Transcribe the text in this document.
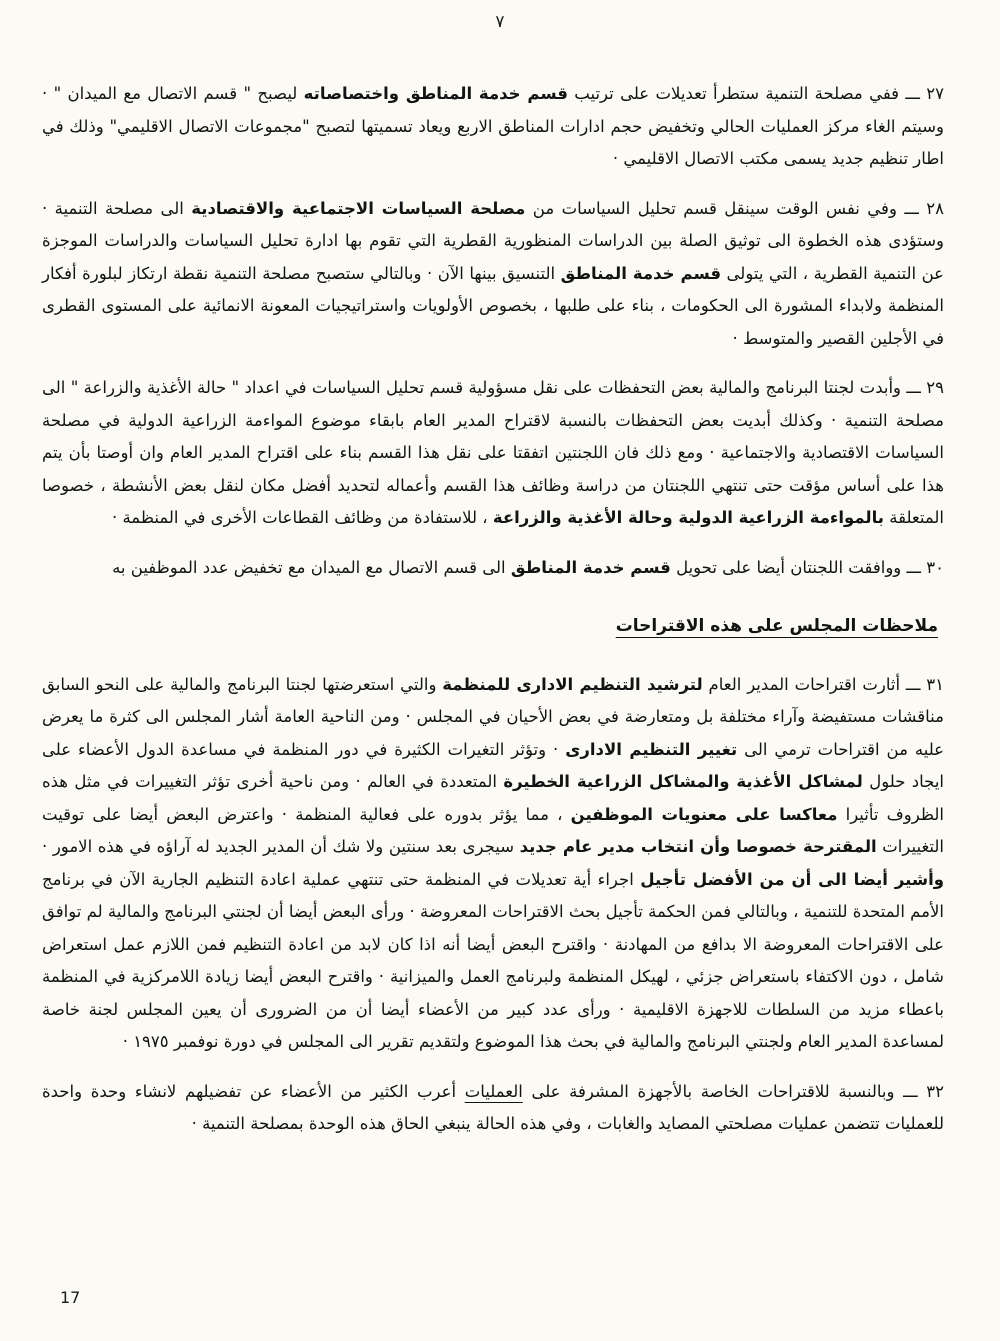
٧

٢٧ ـــ ففي مصلحة التنمية ستطرأ تعديلات على ترتيب قسم خدمة المناطق واختصاصاته ليصبح " قسم الاتصال مع الميدان " · وسيتم الغاء مركز العمليات الحالي وتخفيض حجم ادارات المناطق الاربع ويعاد تسميتها لتصبح "مجموعات الاتصال الاقليمي" وذلك في اطار تنظيم جديد يسمى مكتب الاتصال الاقليمي ·

٢٨ ـــ وفي نفس الوقت سينقل قسم تحليل السياسات من مصلحة السياسات الاجتماعية والاقتصادية الى مصلحة التنمية · وستؤدى هذه الخطوة الى توثيق الصلة بين الدراسات المنظورية القطرية التي تقوم بها ادارة تحليل السياسات والدراسات الموجزة عن التنمية القطرية ، التي يتولى قسم خدمة المناطق التنسيق بينها الآن · وبالتالي ستصبح مصلحة التنمية نقطة ارتكاز لبلورة أفكار المنظمة ولابداء المشورة الى الحكومات ، بناء على طلبها ، بخصوص الأولويات واستراتيجيات المعونة الانمائية على المستوى القطرى في الأجلين القصير والمتوسط ·

٢٩ ـــ وأبدت لجنتا البرنامج والمالية بعض التحفظات على نقل مسؤولية قسم تحليل السياسات في اعداد " حالة الأغذية والزراعة " الى مصلحة التنمية · وكذلك أبديت بعض التحفظات بالنسبة لاقتراح المدير العام بابقاء موضوع المواءمة الزراعية الدولية في مصلحة السياسات الاقتصادية والاجتماعية · ومع ذلك فان اللجنتين اتفقتا على نقل هذا القسم بناء على اقتراح المدير العام وان أوصتا بأن يتم هذا على أساس مؤقت حتى تنتهي اللجنتان من دراسة وظائف هذا القسم وأعماله لتحديد أفضل مكان لنقل بعض الأنشطة ، خصوصا المتعلقة بالمواءمة الزراعية الدولية وحالة الأغذية والزراعة ، للاستفادة من وظائف القطاعات الأخرى في المنظمة ·

٣٠ ـــ ووافقت اللجنتان أيضا على تحويل قسم خدمة المناطق الى قسم الاتصال مع الميدان مع تخفيض عدد الموظفين به

ملاحظات المجلس على هذه الاقتراحات

٣١ ـــ أثارت اقتراحات المدير العام لترشيد التنظيم الادارى للمنظمة والتي استعرضتها لجنتا البرنامج والمالية على النحو السابق مناقشات مستفيضة وآراء مختلفة بل ومتعارضة في بعض الأحيان في المجلس · ومن الناحية العامة أشار المجلس الى كثرة ما يعرض عليه من اقتراحات ترمي الى تغيير التنظيم الادارى · وتؤثر التغيرات الكثيرة في دور المنظمة في مساعدة الدول الأعضاء على ايجاد حلول لمشاكل الأغذية والمشاكل الزراعية الخطيرة المتعددة في العالم · ومن ناحية أخرى تؤثر التغييرات في مثل هذه الظروف تأثيرا معاكسا على معنويات الموظفين ، مما يؤثر بدوره على فعالية المنظمة · واعترض البعض أيضا على توقيت التغييرات المقترحة خصوصا وأن انتخاب مدير عام جديد سيجرى بعد سنتين ولا شك أن المدير الجديد له آراؤه في هذه الامور · وأشير أيضا الى أن من الأفضل تأجيل اجراء أية تعديلات في المنظمة حتى تنتهي عملية اعادة التنظيم الجارية الآن في برنامج الأمم المتحدة للتنمية ، وبالتالي فمن الحكمة تأجيل بحث الاقتراحات المعروضة · ورأى البعض أيضا أن لجنتي البرنامج والمالية لم توافق على الاقتراحات المعروضة الا بدافع من المهادنة · واقترح البعض أيضا أنه اذا كان لابد من اعادة التنظيم فمن اللازم عمل استعراض شامل ، دون الاكتفاء باستعراض جزئي ، لهيكل المنظمة ولبرنامج العمل والميزانية · واقترح البعض أيضا زيادة اللامركزية في المنظمة باعطاء مزيد من السلطات للاجهزة الاقليمية · ورأى عدد كبير من الأعضاء أيضا أن من الضرورى أن يعين المجلس لجنة خاصة لمساعدة المدير العام ولجنتي البرنامج والمالية في بحث هذا الموضوع ولتقديم تقرير الى المجلس في دورة نوفمبر ١٩٧٥ ·

٣٢ ـــ وبالنسبة للاقتراحات الخاصة بالأجهزة المشرفة على العمليات أعرب الكثير من الأعضاء عن تفضيلهم لانشاء وحدة واحدة للعمليات تتضمن عمليات مصلحتي المصايد والغابات ، وفي هذه الحالة ينبغي الحاق هذه الوحدة بمصلحة التنمية ·

17
